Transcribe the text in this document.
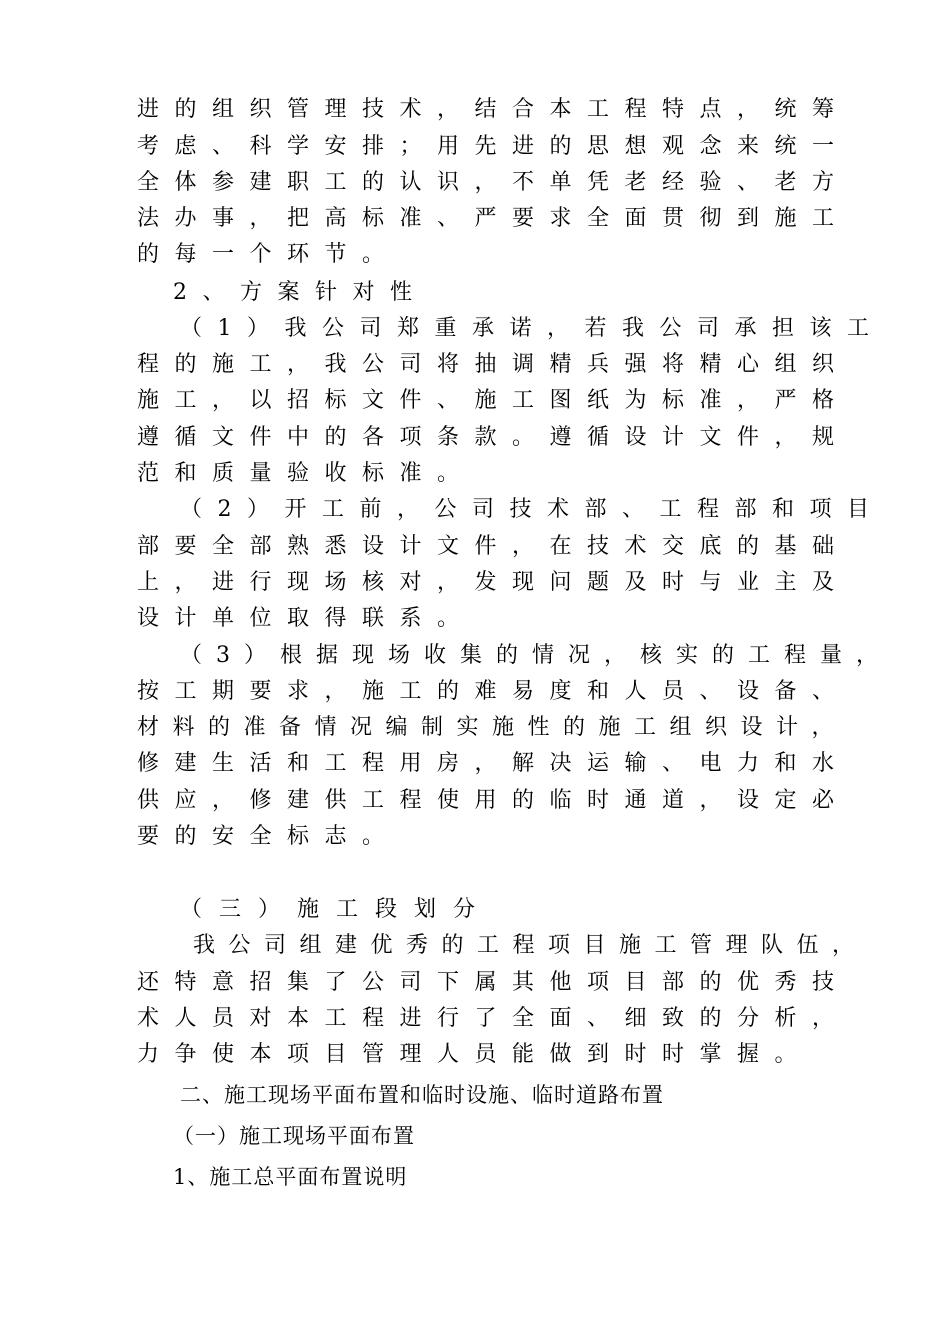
进的组织管理技术，结合本工程特点，统筹
考虑、科学安排；用先进的思想观念来统一
全体参建职工的认识，不单凭老经验、老方
法办事，把高标准、严要求全面贯彻到施工
的每一个环节。
2、方案针对性
（1）我公司郑重承诺，若我公司承担该工
程的施工，我公司将抽调精兵强将精心组织
施工，以招标文件、施工图纸为标准，严格
遵循文件中的各项条款。遵循设计文件，规
范和质量验收标准。
（2）开工前，公司技术部、工程部和项目
部要全部熟悉设计文件，在技术交底的基础
上，进行现场核对，发现问题及时与业主及
设计单位取得联系。
（3）根据现场收集的情况，核实的工程量，
按工期要求，施工的难易度和人员、设备、
材料的准备情况编制实施性的施工组织设计，
修建生活和工程用房，解决运输、电力和水
供应，修建供工程使用的临时通道，设定必
要的安全标志。
（三）施工段划分
我公司组建优秀的工程项目施工管理队伍，
还特意招集了公司下属其他项目部的优秀技
术人员对本工程进行了全面、细致的分析，
力争使本项目管理人员能做到时时掌握。
二、施工现场平面布置和临时设施、临时道路布置
（一）施工现场平面布置
1、施工总平面布置说明
